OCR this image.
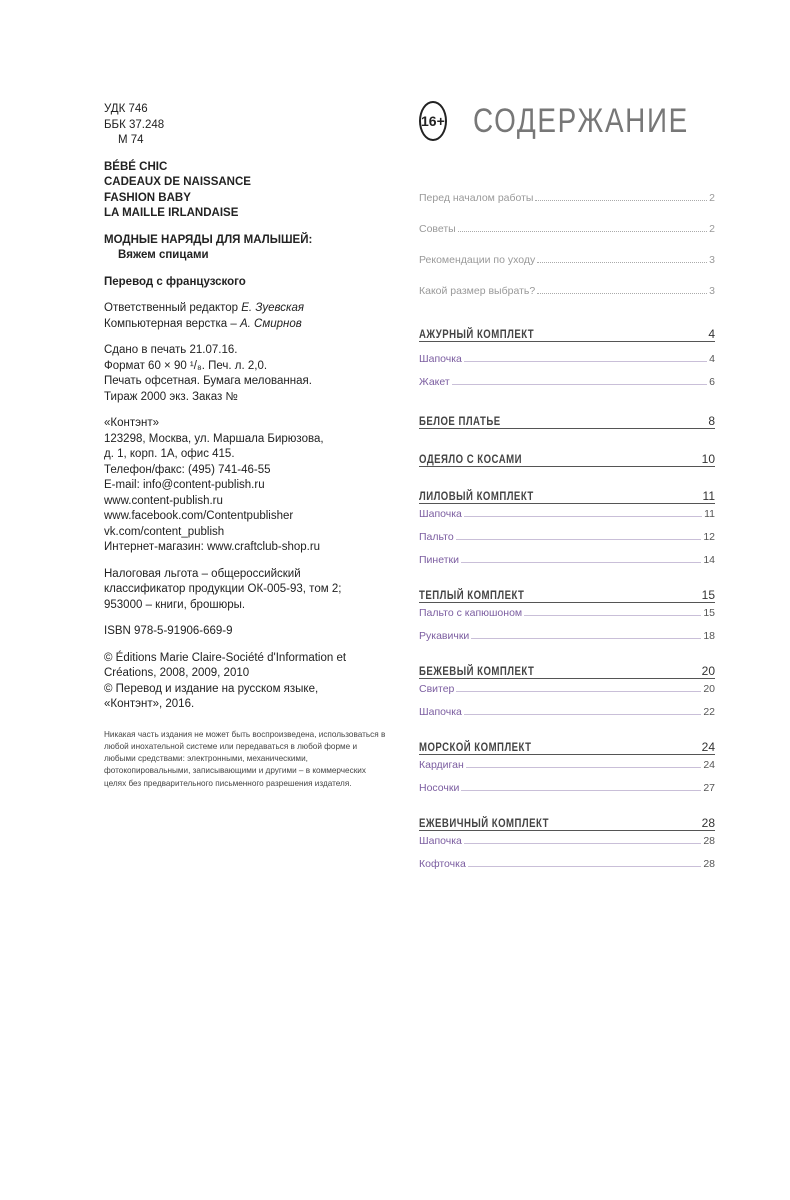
УДК 746

ББК 37.248

М 74

BÉBÉ CHIC

CADEAUX DE NAISSANCE

FASHION BABY

LA MAILLE IRLANDAISE

МОДНЫЕ НАРЯДЫ ДЛЯ МАЛЫШЕЙ:

Вяжем спицами

Перевод с французского

Ответственный редактор Е. Зуевская

Компьютерная верстка – А. Смирнов

Сдано в печать 21.07.16.

Формат 60 × 90 ¹/₈. Печ. л. 2,0.

Печать офсетная. Бумага мелованная.

Тираж 2000 экз. Заказ №

«Контэнт»

123298, Москва, ул. Маршала Бирюзова,

д. 1, корп. 1А, офис 415.

Телефон/факс: (495) 741-46-55

E-mail: info@content-publish.ru

www.content-publish.ru

www.facebook.com/Contentpublisher

vk.com/content_publish

Интернет-магазин: www.craftclub-shop.ru

Налоговая льгота – общероссийский

классификатор продукции ОК-005-93, том 2;

953000 – книги, брошюры.

ISBN 978-5-91906-669-9

© Éditions Marie Claire-Société d'Information et

Créations, 2008, 2009, 2010

© Перевод и издание на русском языке,

«Контэнт», 2016.

Никакая часть издания не может быть воспроизведена, использоваться в любой инoxaтельной системе или передаваться в любой форме и любыми средствами: электронными, механическими, фотокопировальными, записывающими и другими – в коммерческих целях без предварительного письменного разрешения издателя.

16+ СОДЕРЖАНИЕ
Перед началом работы	2
Советы	2
Рекомендации по уходу	3
Какой размер выбрать?	3
АЖУРНЫЙ КОМПЛЕКТ	4
Шапочка	4
Жакет	6
БЕЛОЕ ПЛАТЬЕ	8
ОДЕЯЛО С КОСАМИ	10
ЛИЛОВЫЙ КОМПЛЕКТ	11
Шапочка	11
Пальто	12
Пинетки	14
ТЕПЛЫЙ КОМПЛЕКТ	15
Пальто с капюшоном	15
Рукавички	18
БЕЖЕВЫЙ КОМПЛЕКТ	20
Свитер	20
Шапочка	22
МОРСКОЙ КОМПЛЕКТ	24
Кардиган	24
Носочки	27
ЕЖЕВИЧНЫЙ КОМПЛЕКТ	28
Шапочка	28
Кофточка	28
